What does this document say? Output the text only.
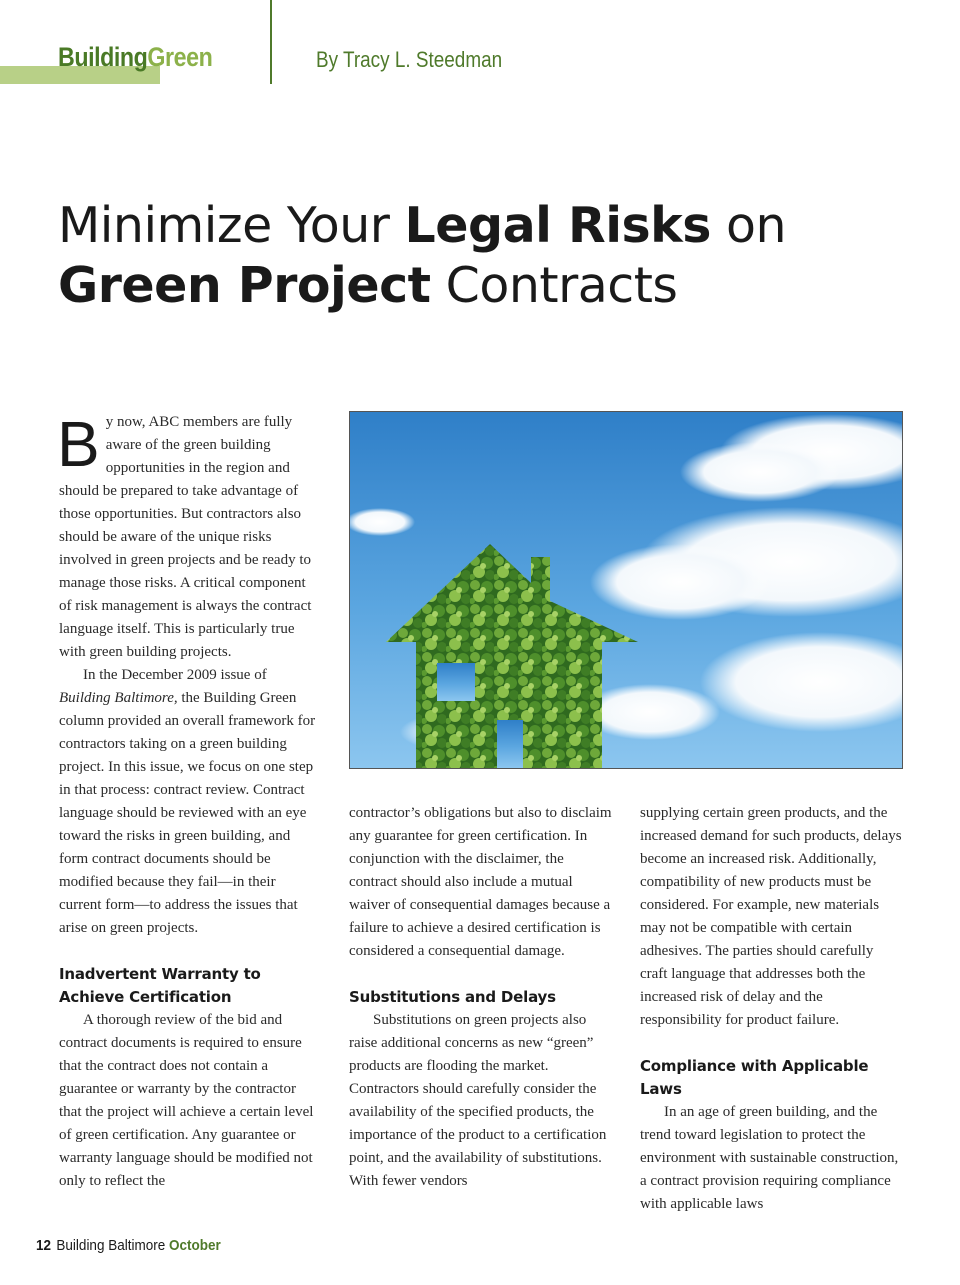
BuildingGreen	By Tracy L. Steedman
Minimize Your Legal Risks on
Green Project Contracts

By now, ABC members are fully aware of the green building opportunities in the region and should be prepared to take advantage of those opportunities. But contractors also should be aware of the unique risks involved in green projects and be ready to manage those risks. A critical component of risk management is always the contract language itself. This is particularly true with green building projects.

In the December 2009 issue of Building Baltimore, the Building Green column provided an overall framework for contractors taking on a green building project. In this issue, we focus on one step in that process: contract review. Contract language should be reviewed with an eye toward the risks in green building, and form contract documents should be modified because they fail—in their current form—to address the issues that arise on green projects.

Inadvertent Warranty to Achieve Certification

A thorough review of the bid and contract documents is required to ensure that the contract does not contain a guarantee or warranty by the contractor that the project will achieve a certain level of green certification. Any guarantee or warranty language should be modified not only to reflect the

contractor’s obligations but also to disclaim any guarantee for green certification. In conjunction with the disclaimer, the contract should also include a mutual waiver of consequential damages because a failure to achieve a desired certification is considered a consequential damage.

Substitutions and Delays

Substitutions on green projects also raise additional concerns as new “green” products are flooding the market. Contractors should carefully consider the availability of the specified products, the importance of the product to a certification point, and the availability of substitutions. With fewer vendors

supplying certain green products, and the increased demand for such products, delays become an increased risk. Additionally, compatibility of new products must be considered. For example, new materials may not be compatible with certain adhesives. The parties should carefully craft language that addresses both the increased risk of delay and the responsibility for product failure.

Compliance with Applicable Laws

In an age of green building, and the trend toward legislation to protect the environment with sustainable construction, a contract provision requiring compliance with applicable laws

12 Building Baltimore October
